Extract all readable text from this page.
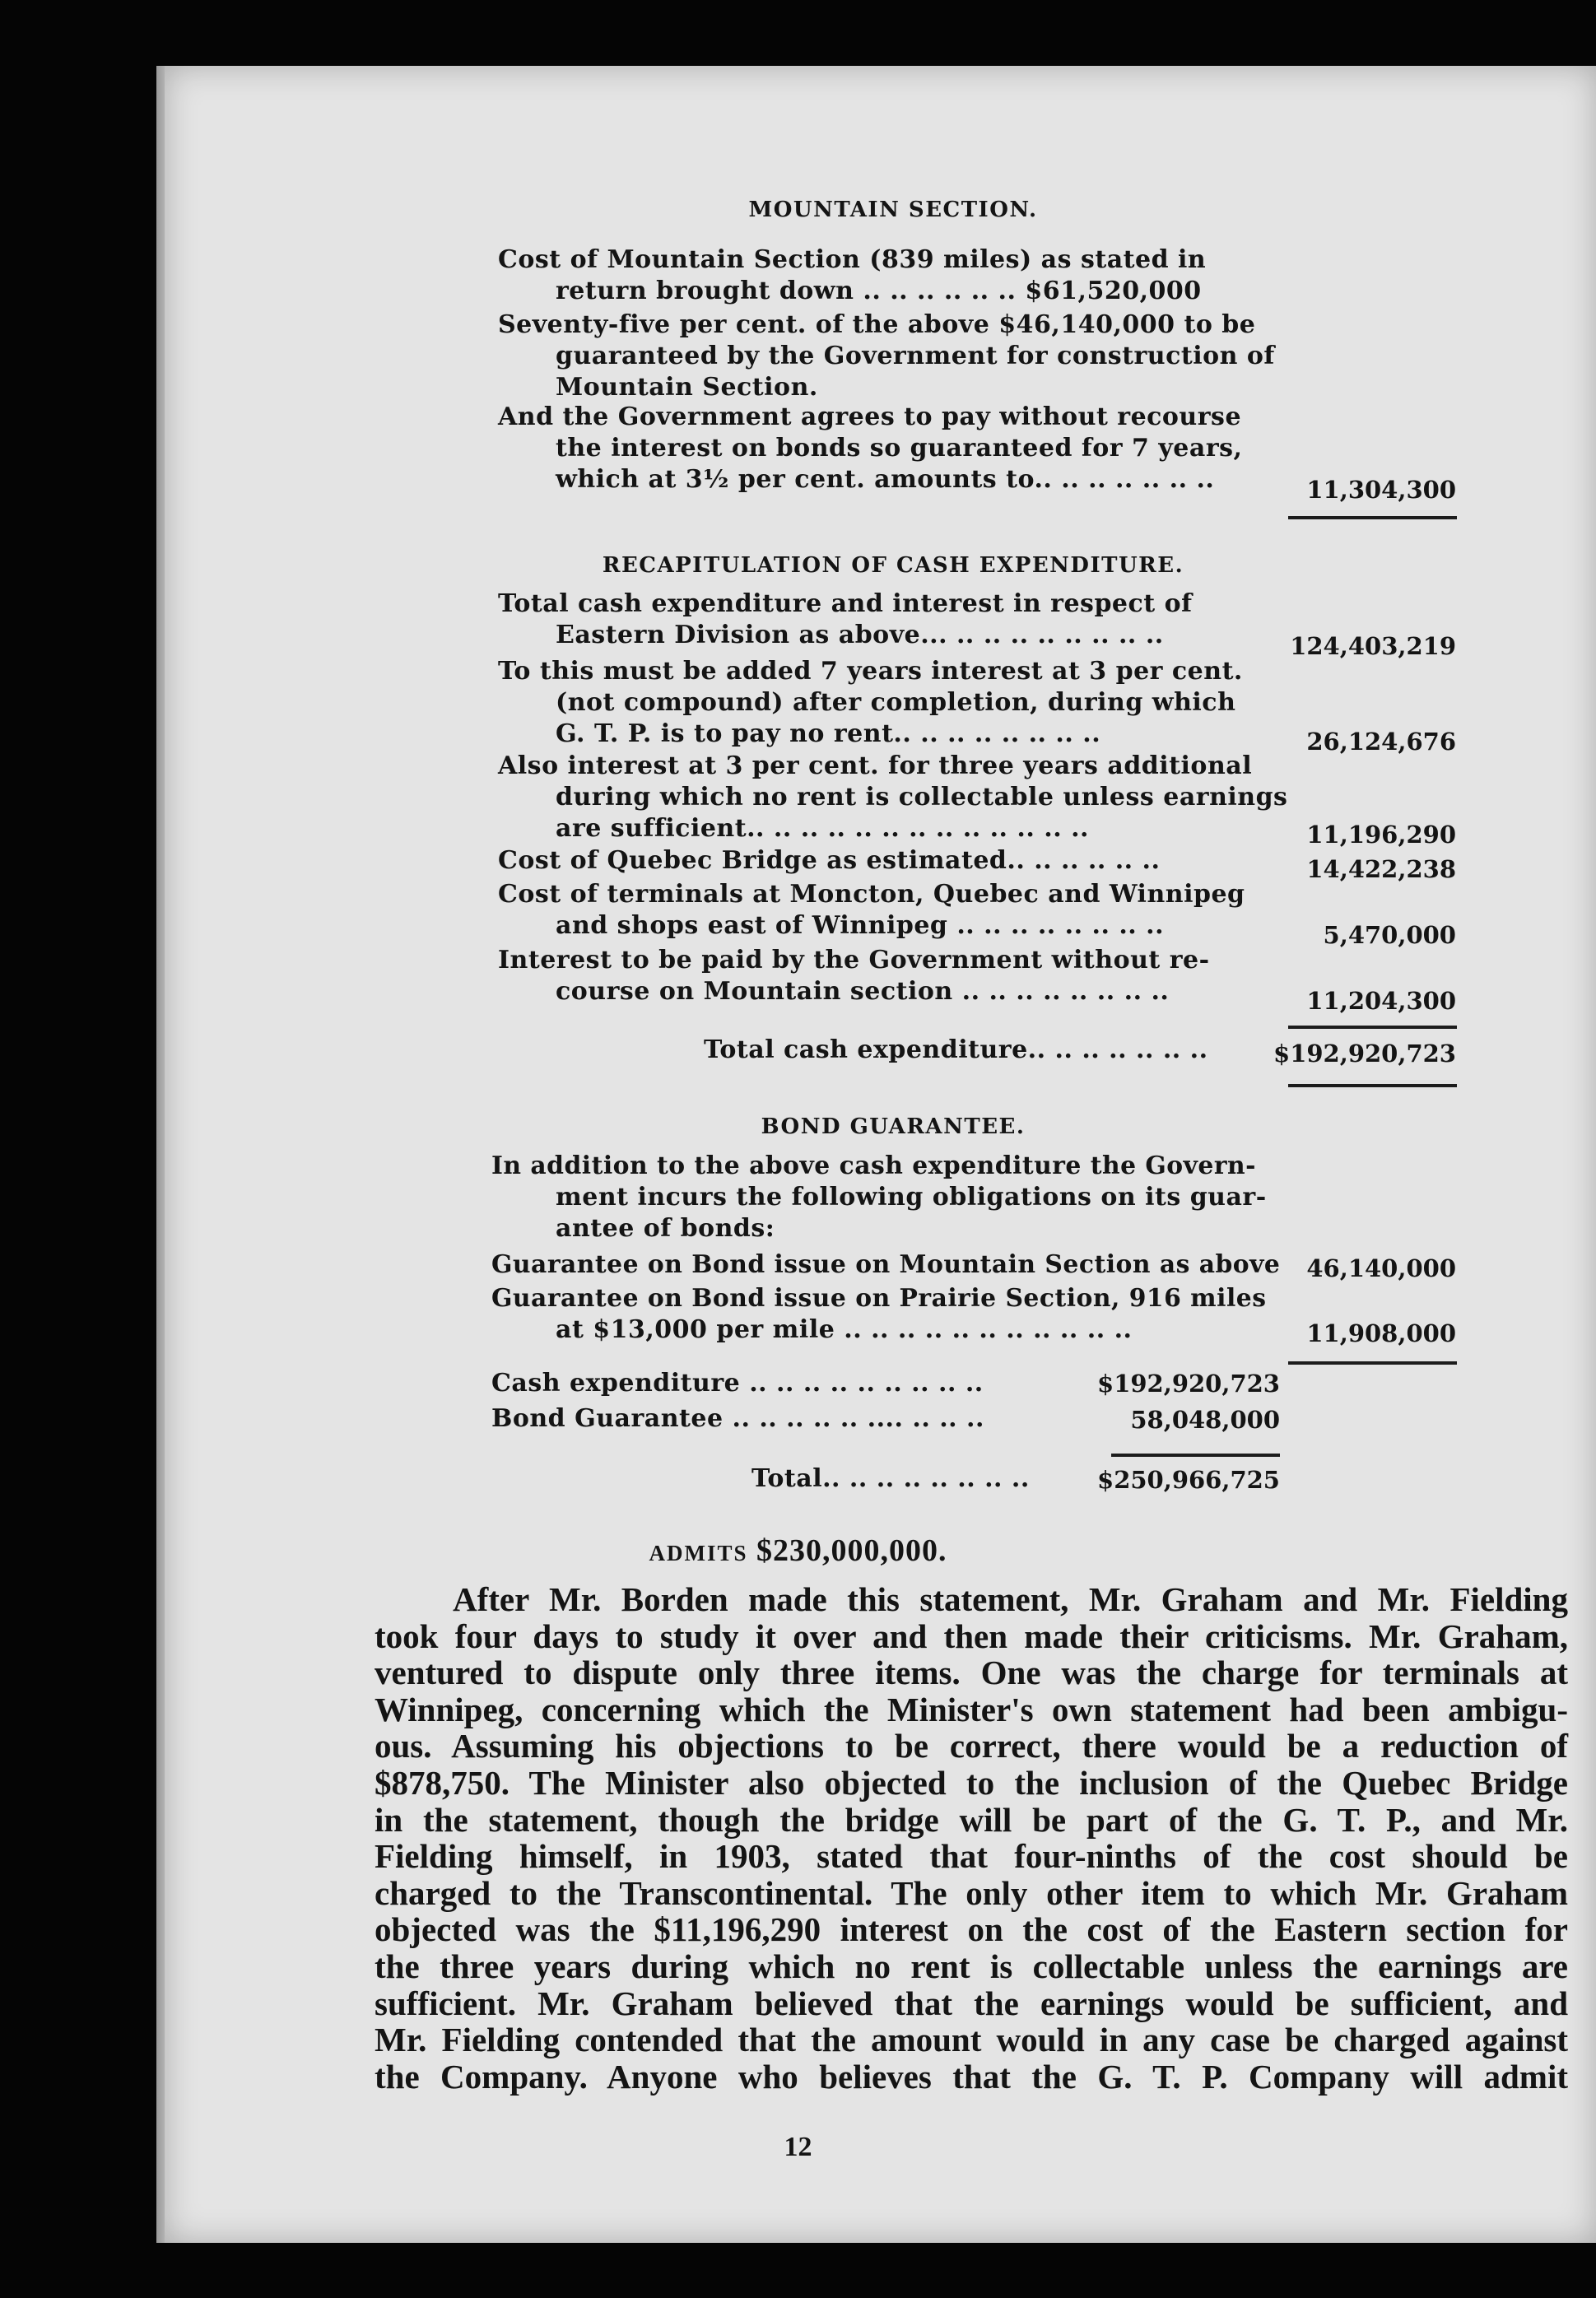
MOUNTAIN SECTION.
Cost of Mountain Section (839 miles) as stated in
return brought down .. .. .. .. .. .. $61,520,000
Seventy-five per cent. of the above $46,140,000 to be
guaranteed by the Government for construction of
Mountain Section.
And the Government agrees to pay without recourse
the interest on bonds so guaranteed for 7 years,
which at 3½ per cent. amounts to.. .. .. .. .. .. ..	11,304,300
RECAPITULATION OF CASH EXPENDITURE.
Total cash expenditure and interest in respect of
Eastern Division as above... .. .. .. .. .. .. .. ..	124,403,219
To this must be added 7 years interest at 3 per cent.
(not compound) after completion, during which
G. T. P. is to pay no rent.. .. .. .. .. .. .. ..	26,124,676
Also interest at 3 per cent. for three years additional
during which no rent is collectable unless earnings
are sufficient.. .. .. .. .. .. .. .. .. .. .. .. ..	11,196,290
Cost of Quebec Bridge as estimated.. .. .. .. .. ..	14,422,238
Cost of terminals at Moncton, Quebec and Winnipeg
and shops east of Winnipeg .. .. .. .. .. .. .. ..	5,470,000
Interest to be paid by the Government without re-
course on Mountain section .. .. .. .. .. .. .. ..	11,204,300
Total cash expenditure.. .. .. .. .. .. ..	$192,920,723
BOND GUARANTEE.
In addition to the above cash expenditure the Govern-
ment incurs the following obligations on its guar-
antee of bonds:
Guarantee on Bond issue on Mountain Section as above 46,140,000
Guarantee on Bond issue on Prairie Section, 916 miles
at $13,000 per mile .. .. .. .. .. .. .. .. .. .. ..	11,908,000
Cash expenditure .. .. .. .. .. .. .. .. ..	$192,920,723
Bond Guarantee .. .. .. .. .. .... .. .. ..	58,048,000
Total.. .. .. .. .. .. .. ..	$250,966,725
ADMITS $230,000,000.
After Mr. Borden made this statement, Mr. Graham and Mr. Fielding
took four days to study it over and then made their criticisms. Mr. Graham,
ventured to dispute only three items. One was the charge for terminals at
Winnipeg, concerning which the Minister's own statement had been ambigu-
ous. Assuming his objections to be correct, there would be a reduction of
$878,750. The Minister also objected to the inclusion of the Quebec Bridge
in the statement, though the bridge will be part of the G. T. P., and Mr.
Fielding himself, in 1903, stated that four-ninths of the cost should be
charged to the Transcontinental. The only other item to which Mr. Graham
objected was the $11,196,290 interest on the cost of the Eastern section for
the three years during which no rent is collectable unless the earnings are
sufficient. Mr. Graham believed that the earnings would be sufficient, and
Mr. Fielding contended that the amount would in any case be charged against
the Company. Anyone who believes that the G. T. P. Company will admit
12
